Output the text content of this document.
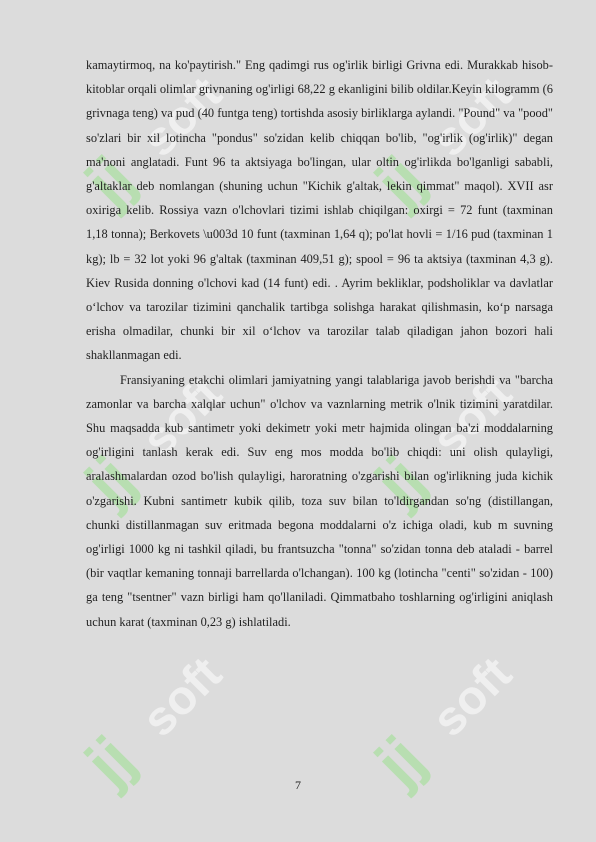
jj
soft
jj
soft
jj
soft
jj
soft
jj
soft
jj
soft

kamaytirmoq, na ko'paytirish." Eng qadimgi rus og'irlik birligi Grivna edi. Murakkab hisob-kitoblar orqali olimlar grivnaning og'irligi 68,22 g ekanligini bilib oldilar.Keyin kilogramm (6 grivnaga teng) va pud (40 funtga teng) tortishda asosiy birliklarga aylandi. "Pound" va "pood" so'zlari bir xil lotincha "pondus" so'zidan kelib chiqqan bo'lib, "og'irlik (og'irlik)" degan ma'noni anglatadi. Funt 96 ta aktsiyaga bo'lingan, ular oltin og'irlikda bo'lganligi sababli, g'altaklar deb nomlangan (shuning uchun "Kichik g'altak, lekin qimmat" maqol). XVII asr oxiriga kelib. Rossiya vazn o'lchovlari tizimi ishlab chiqilgan: oxirgi = 72 funt (taxminan 1,18 tonna); Berkovets \u003d 10 funt (taxminan 1,64 q); po'lat hovli = 1/16 pud (taxminan 1 kg); lb = 32 lot yoki 96 g'altak (taxminan 409,51 g); spool = 96 ta aktsiya (taxminan 4,3 g). Kiev Rusida donning o'lchovi kad (14 funt) edi. . Ayrim bekliklar, podsholiklar va davlatlar o‘lchov va tarozilar tizimini qanchalik tartibga solishga harakat qilishmasin, ko‘p narsaga erisha olmadilar, chunki bir xil o‘lchov va tarozilar talab qiladigan jahon bozori hali shakllanmagan edi.

Fransiyaning etakchi olimlari jamiyatning yangi talablariga javob berishdi va "barcha zamonlar va barcha xalqlar uchun" o'lchov va vaznlarning metrik o'lnik tizimini yaratdilar. Shu maqsadda kub santimetr yoki dekimetr yoki metr hajmida olingan ba'zi moddalarning og'irligini tanlash kerak edi. Suv eng mos modda bo'lib chiqdi: uni olish qulayligi, aralashmalardan ozod bo'lish qulayligi, haroratning o'zgarishi bilan og'irlikning juda kichik o'zgarishi. Kubni santimetr kubik qilib, toza suv bilan to'ldirgandan so'ng (distillangan, chunki distillanmagan suv eritmada begona moddalarni o'z ichiga oladi, kub m suvning og'irligi 1000 kg ni tashkil qiladi, bu frantsuzcha "tonna" so'zidan tonna deb ataladi - barrel (bir vaqtlar kemaning tonnaji barrellarda o'lchangan). 100 kg (lotincha "centi" so'zidan - 100) ga teng "tsentner" vazn birligi ham qo'llaniladi. Qimmatbaho toshlarning og'irligini aniqlash uchun karat (taxminan 0,23 g) ishlatiladi.

7
